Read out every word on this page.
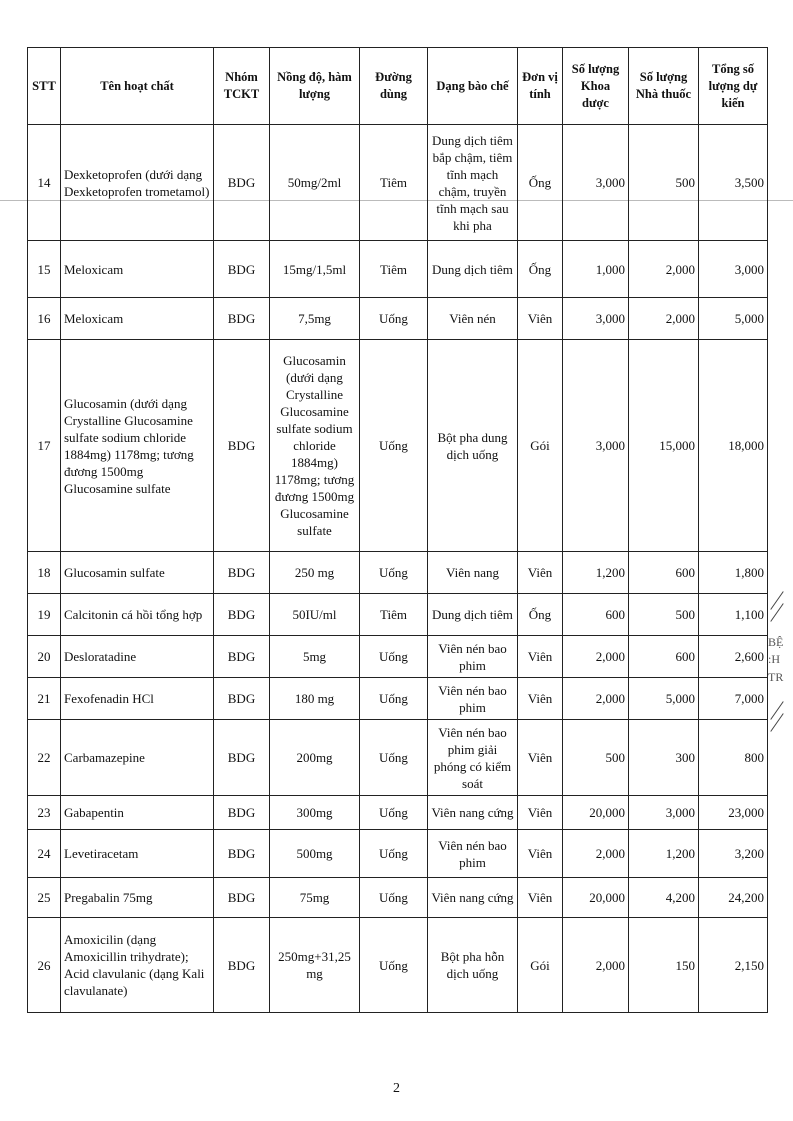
STT	Tên hoạt chất	Nhóm TCKT	Nồng độ, hàm lượng	Đường dùng	Dạng bào chế	Đơn vị tính	Số lượng Khoa dược	Số lượng Nhà thuốc	Tổng số lượng dự kiến
14	Dexketoprofen (dưới dạng Dexketoprofen trometamol)	BDG	50mg/2ml	Tiêm	Dung dịch tiêm bắp chậm, tiêm tĩnh mạch chậm, truyền tĩnh mạch sau khi pha	Ống	3,000	500	3,500
15	Meloxicam	BDG	15mg/1,5ml	Tiêm	Dung dịch tiêm	Ống	1,000	2,000	3,000
16	Meloxicam	BDG	7,5mg	Uống	Viên nén	Viên	3,000	2,000	5,000
17	Glucosamin (dưới dạng Crystalline Glucosamine sulfate sodium chloride 1884mg) 1178mg; tương đương 1500mg Glucosamine sulfate	BDG	Glucosamin (dưới dạng Crystalline Glucosamine sulfate sodium chloride 1884mg) 1178mg; tương đương 1500mg Glucosamine sulfate	Uống	Bột pha dung dịch uống	Gói	3,000	15,000	18,000
18	Glucosamin sulfate	BDG	250 mg	Uống	Viên nang	Viên	1,200	600	1,800
19	Calcitonin cá hồi tổng hợp	BDG	50IU/ml	Tiêm	Dung dịch tiêm	Ống	600	500	1,100
20	Desloratadine	BDG	5mg	Uống	Viên nén bao phim	Viên	2,000	600	2,600
21	Fexofenadin HCl	BDG	180 mg	Uống	Viên nén bao phim	Viên	2,000	5,000	7,000
22	Carbamazepine	BDG	200mg	Uống	Viên nén bao phim giải phóng có kiểm soát	Viên	500	300	800
23	Gabapentin	BDG	300mg	Uống	Viên nang cứng	Viên	20,000	3,000	23,000
24	Levetiracetam	BDG	500mg	Uống	Viên nén bao phim	Viên	2,000	1,200	3,200
25	Pregabalin 75mg	BDG	75mg	Uống	Viên nang cứng	Viên	20,000	4,200	24,200
26	Amoxicilin (dạng Amoxicillin trihydrate); Acid clavulanic (dạng Kali clavulanate)	BDG	250mg+31,25 mg	Uống	Bột pha hỗn dịch uống	Gói	2,000	150	2,150
BỆ
:H
TR
2
